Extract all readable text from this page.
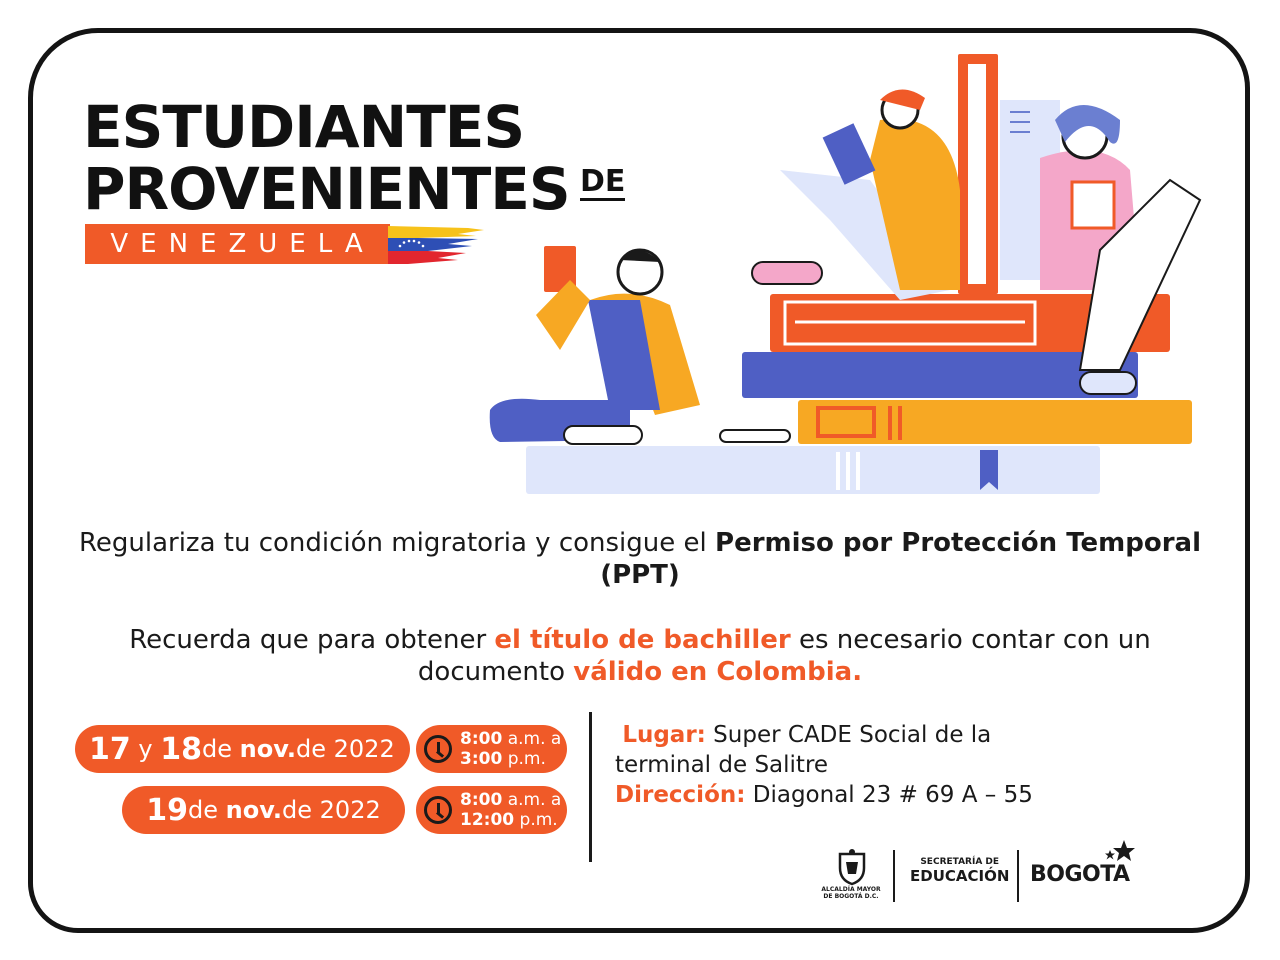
ESTUDIANTES
PROVENIENTES DE
VENEZUELA
Regulariza tu condición migratoria y consigue el Permiso por Protección Temporal (PPT)
Recuerda que para obtener el título de bachiller es necesario contar con un documento válido en Colombia.
17
y
18 de
nov. de 2022	8:00 a.m. a
3:00 p.m.
19 de
nov. de 2022	8:00 a.m. a
12:00 p.m.
Lugar: Super CADE Social de la
terminal de Salitre
Dirección: Diagonal 23 # 69 A – 55
ALCALDÍA MAYOR
DE BOGOTÁ D.C.
SECRETARÍA DE
EDUCACIÓN BOGOTA
